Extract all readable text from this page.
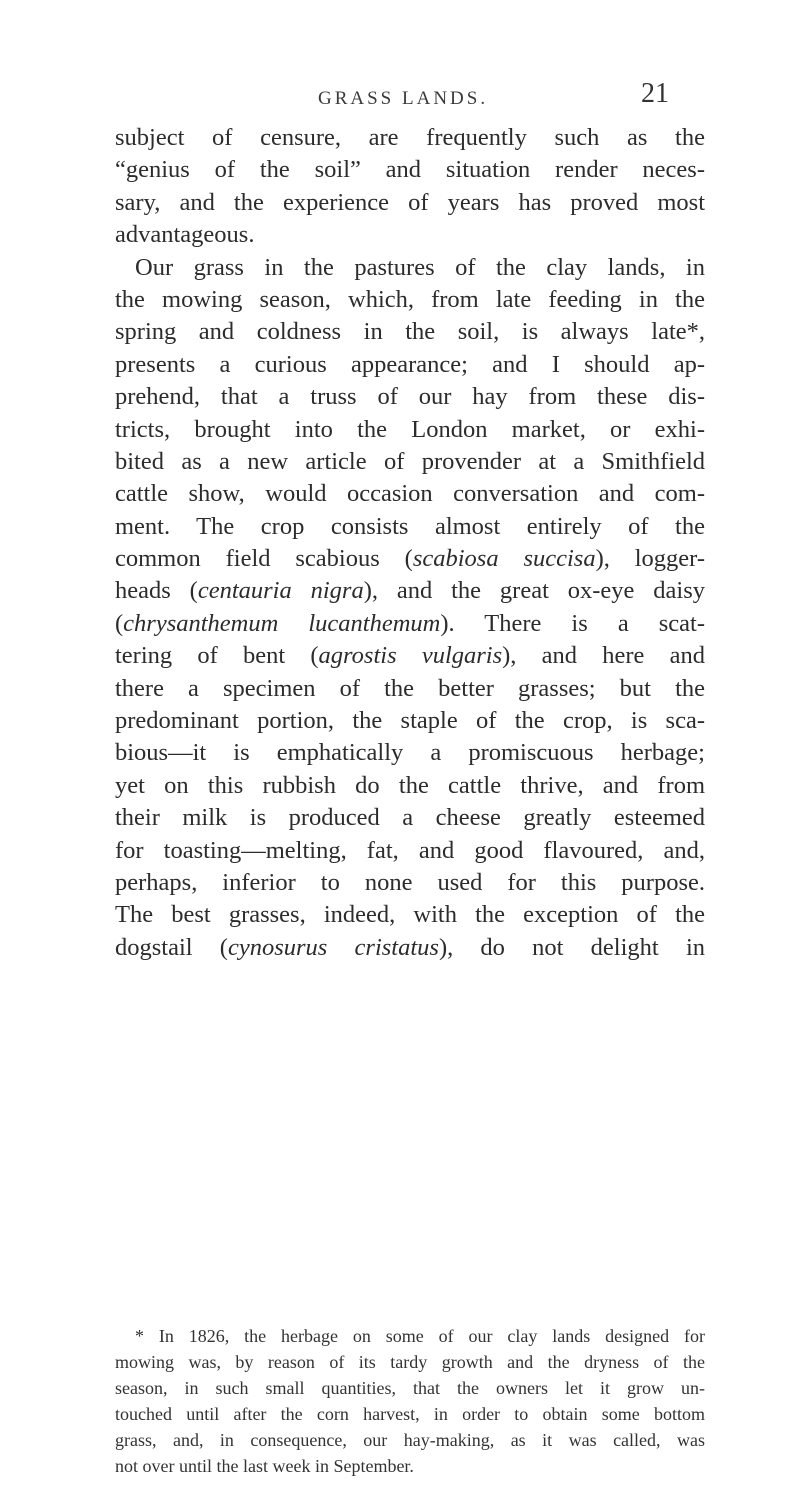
GRASS LANDS.	21
subject of censure, are frequently such as the
“genius of the soil” and situation render neces-
sary, and the experience of years has proved most
advantageous.
Our grass in the pastures of the clay lands, in
the mowing season, which, from late feeding in the
spring and coldness in the soil, is always late*,
presents a curious appearance; and I should ap-
prehend, that a truss of our hay from these dis-
tricts, brought into the London market, or exhi-
bited as a new article of provender at a Smithfield
cattle show, would occasion conversation and com-
ment. The crop consists almost entirely of the
common field scabious (scabiosa succisa), logger-
heads (centauria nigra), and the great ox-eye daisy
(chrysanthemum lucanthemum). There is a scat-
tering of bent (agrostis vulgaris), and here and
there a specimen of the better grasses; but the
predominant portion, the staple of the crop, is sca-
bious—it is emphatically a promiscuous herbage;
yet on this rubbish do the cattle thrive, and from
their milk is produced a cheese greatly esteemed
for toasting—melting, fat, and good flavoured, and,
perhaps, inferior to none used for this purpose.
The best grasses, indeed, with the exception of the
dogstail (cynosurus cristatus), do not delight in
* In 1826, the herbage on some of our clay lands designed for
mowing was, by reason of its tardy growth and the dryness of the
season, in such small quantities, that the owners let it grow un-
touched until after the corn harvest, in order to obtain some bottom
grass, and, in consequence, our hay-making, as it was called, was
not over until the last week in September.
